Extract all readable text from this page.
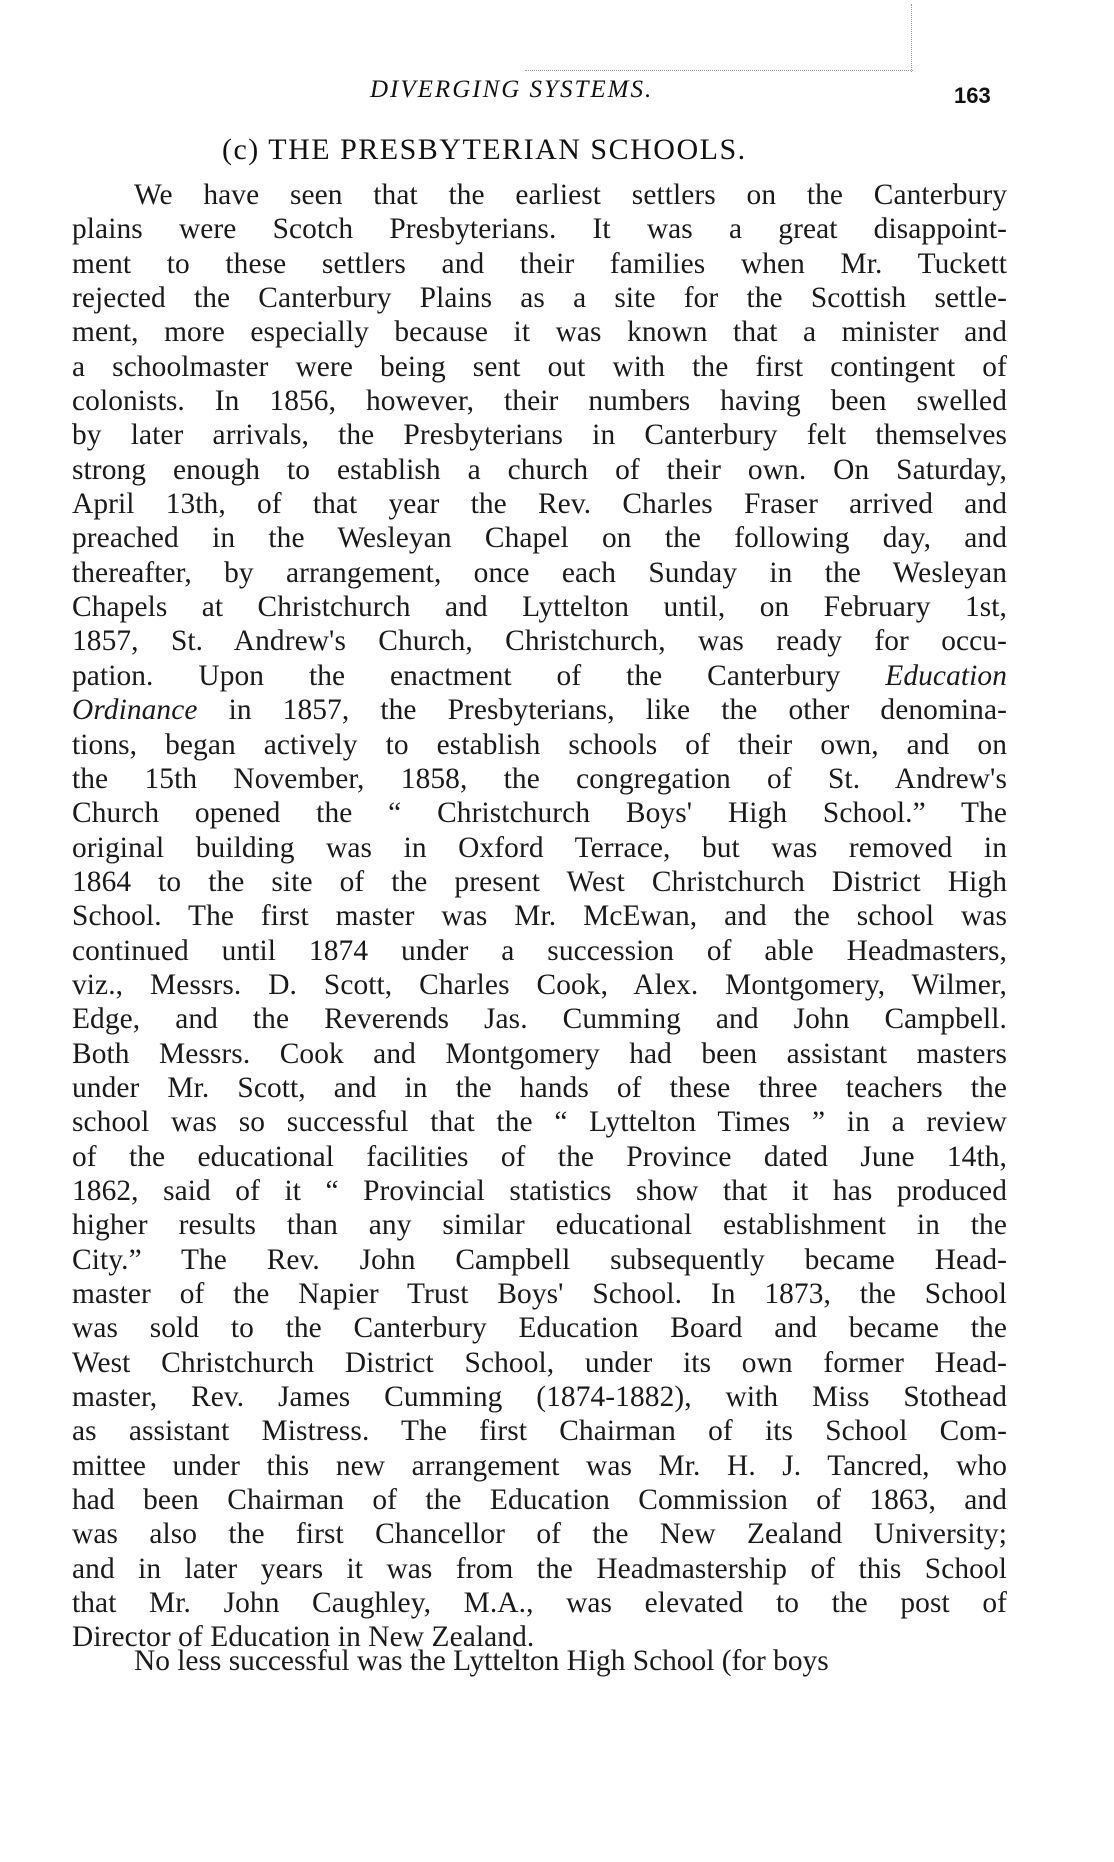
DIVERGING SYSTEMS.	163
(c) THE PRESBYTERIAN SCHOOLS.
We have seen that the earliest settlers on the Canterbury
plains were Scotch Presbyterians. It was a great disappoint-
ment to these settlers and their families when Mr. Tuckett
rejected the Canterbury Plains as a site for the Scottish settle-
ment, more especially because it was known that a minister and
a schoolmaster were being sent out with the first contingent of
colonists. In 1856, however, their numbers having been swelled
by later arrivals, the Presbyterians in Canterbury felt themselves
strong enough to establish a church of their own. On Saturday,
April 13th, of that year the Rev. Charles Fraser arrived and
preached in the Wesleyan Chapel on the following day, and
thereafter, by arrangement, once each Sunday in the Wesleyan
Chapels at Christchurch and Lyttelton until, on February 1st,
1857, St. Andrew's Church, Christchurch, was ready for occu-
pation. Upon the enactment of the Canterbury Education
Ordinance in 1857, the Presbyterians, like the other denomina-
tions, began actively to establish schools of their own, and on
the 15th November, 1858, the congregation of St. Andrew's
Church opened the “ Christchurch Boys' High School.” The
original building was in Oxford Terrace, but was removed in
1864 to the site of the present West Christchurch District High
School. The first master was Mr. McEwan, and the school was
continued until 1874 under a succession of able Headmasters,
viz., Messrs. D. Scott, Charles Cook, Alex. Montgomery, Wilmer,
Edge, and the Reverends Jas. Cumming and John Campbell.
Both Messrs. Cook and Montgomery had been assistant masters
under Mr. Scott, and in the hands of these three teachers the
school was so successful that the “ Lyttelton Times ” in a review
of the educational facilities of the Province dated June 14th,
1862, said of it “ Provincial statistics show that it has produced
higher results than any similar educational establishment in the
City.” The Rev. John Campbell subsequently became Head-
master of the Napier Trust Boys' School. In 1873, the School
was sold to the Canterbury Education Board and became the
West Christchurch District School, under its own former Head-
master, Rev. James Cumming (1874-1882), with Miss Stothead
as assistant Mistress. The first Chairman of its School Com-
mittee under this new arrangement was Mr. H. J. Tancred, who
had been Chairman of the Education Commission of 1863, and
was also the first Chancellor of the New Zealand University;
and in later years it was from the Headmastership of this School
that Mr. John Caughley, M.A., was elevated to the post of
Director of Education in New Zealand.
No less successful was the Lyttelton High School (for boys
